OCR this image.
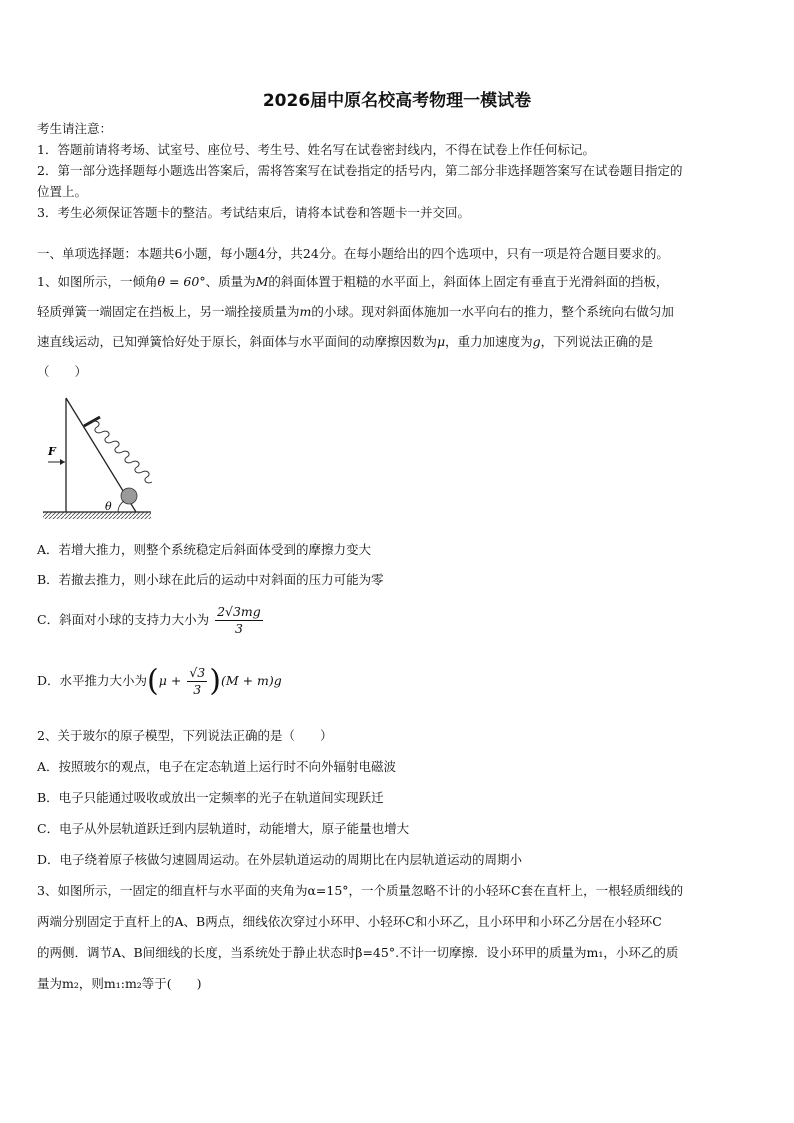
2026届中原名校高考物理一模试卷
考生请注意：
1．答题前请将考场、试室号、座位号、考生号、姓名写在试卷密封线内，不得在试卷上作任何标记。
2．第一部分选择题每小题选出答案后，需将答案写在试卷指定的括号内，第二部分非选择题答案写在试卷题目指定的
位置上。
3．考生必须保证答题卡的整洁。考试结束后，请将本试卷和答题卡一并交回。
一、单项选择题：本题共6小题，每小题4分，共24分。在每小题给出的四个选项中，只有一项是符合题目要求的。
1、如图所示，一倾角θ = 60°、质量为M的斜面体置于粗糙的水平面上，斜面体上固定有垂直于光滑斜面的挡板，
轻质弹簧一端固定在挡板上，另一端拴接质量为m的小球。现对斜面体施加一水平向右的推力，整个系统向右做匀加
速直线运动，已知弹簧恰好处于原长，斜面体与水平面间的动摩擦因数为μ，重力加速度为g，下列说法正确的是
（　　）
θ
F
A．若增大推力，则整个系统稳定后斜面体受到的摩擦力变大
B．若撤去推力，则小球在此后的运动中对斜面的压力可能为零
C．斜面对小球的支持力大小为 $\frac{2√3mg}{3}$
D．水平推力大小为$(\mu + \frac{√3}{3} )(M + m)g$
2、关于玻尔的原子模型，下列说法正确的是（　　）
A．按照玻尔的观点，电子在定态轨道上运行时不向外辐射电磁波
B．电子只能通过吸收或放出一定频率的光子在轨道间实现跃迁
C．电子从外层轨道跃迁到内层轨道时，动能增大，原子能量也增大
D．电子绕着原子核做匀速圆周运动。在外层轨道运动的周期比在内层轨道运动的周期小
3、如图所示，一固定的细直杆与水平面的夹角为α=15°，一个质量忽略不计的小轻环C套在直杆上，一根轻质细线的
两端分别固定于直杆上的A、B两点，细线依次穿过小环甲、小轻环C和小环乙，且小环甲和小环乙分居在小轻环C
的两侧．调节A、B间细线的长度，当系统处于静止状态时β=45°.不计一切摩擦．设小环甲的质量为m₁，小环乙的质
量为m₂，则m₁:m₂等于(　　)
